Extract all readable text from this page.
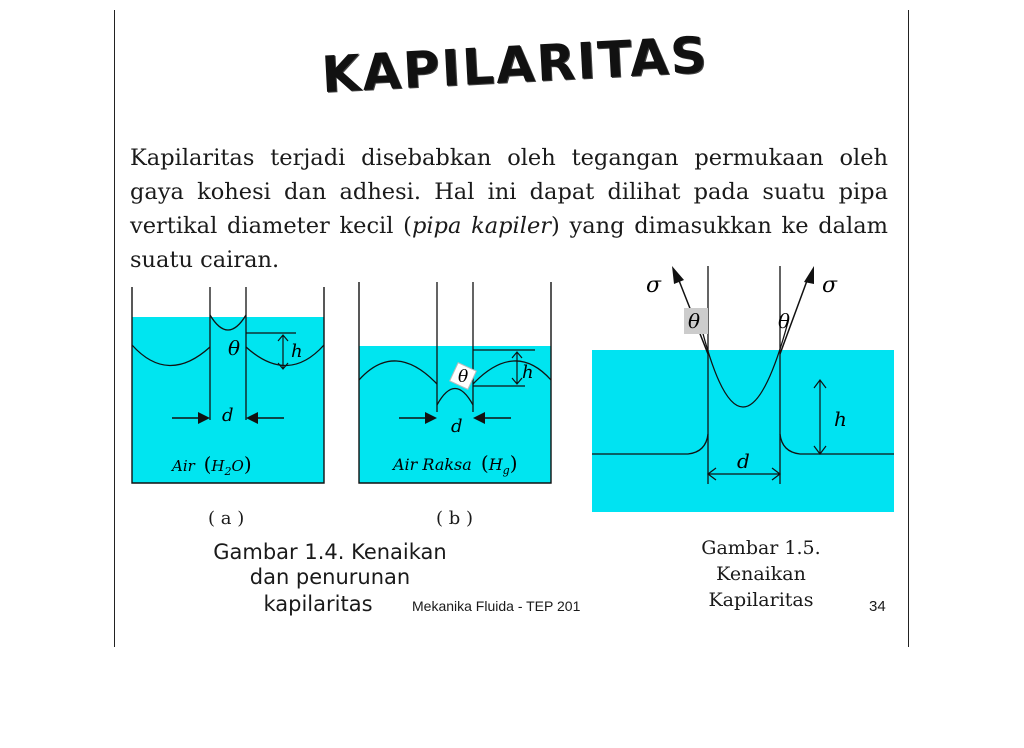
KAPILARITAS

Kapilaritas terjadi disebabkan oleh tegangan permukaan oleh gaya kohesi dan adhesi. Hal ini dapat dilihat pada suatu pipa vertikal diameter kecil (pipa kapiler) yang dimasukkan ke dalam suatu cairan.

θ	h
d
Air $(H_2O)$
( a )
θ	h
d
Air Raksa $(H_g)$
( b )
θ	θ
σ	σ
h
d
Gambar 1.4. Kenaikan
dan penurunan
kapilaritas
Gambar 1.5.
Kenaikan
Kapilaritas
Mekanika Fluida - TEP 201	34
